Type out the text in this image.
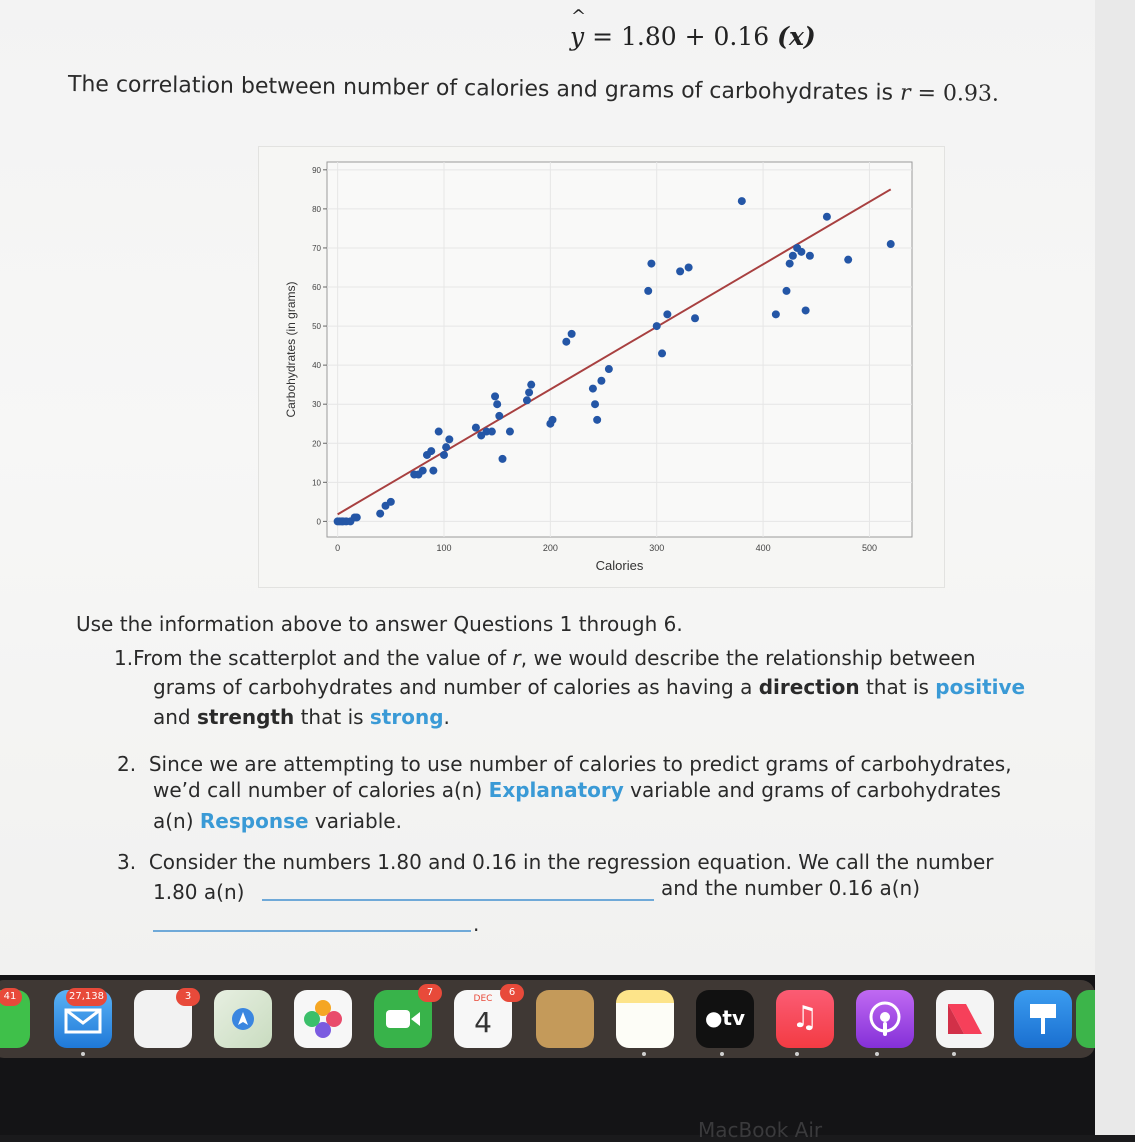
^ y = 1.80 + 0.16 (x)
The correlation between number of calories and grams of carbohydrates is r = 0.93.
0	100	200	300	400	500
0
10
20
30
40
50
60
70
80
90
Calories
Carbohydrates (in grams)
Use the information above to answer Questions 1 through 6.
1.From the scatterplot and the value of r, we would describe the relationship between
grams of carbohydrates and number of calories as having a direction that is positive
and strength that is strong.
2. Since we are attempting to use number of calories to predict grams of carbohydrates,
we’d call number of calories a(n) Explanatory variable and grams of carbohydrates
a(n) Response variable.
3. Consider the numbers 1.80 and 0.16 in the regression equation. We call the number
1.80 a(n)	and the number 0.16 a(n)
.
41	27,138	3	7
DEC
4
6
●tv	♫
MacBook Air
